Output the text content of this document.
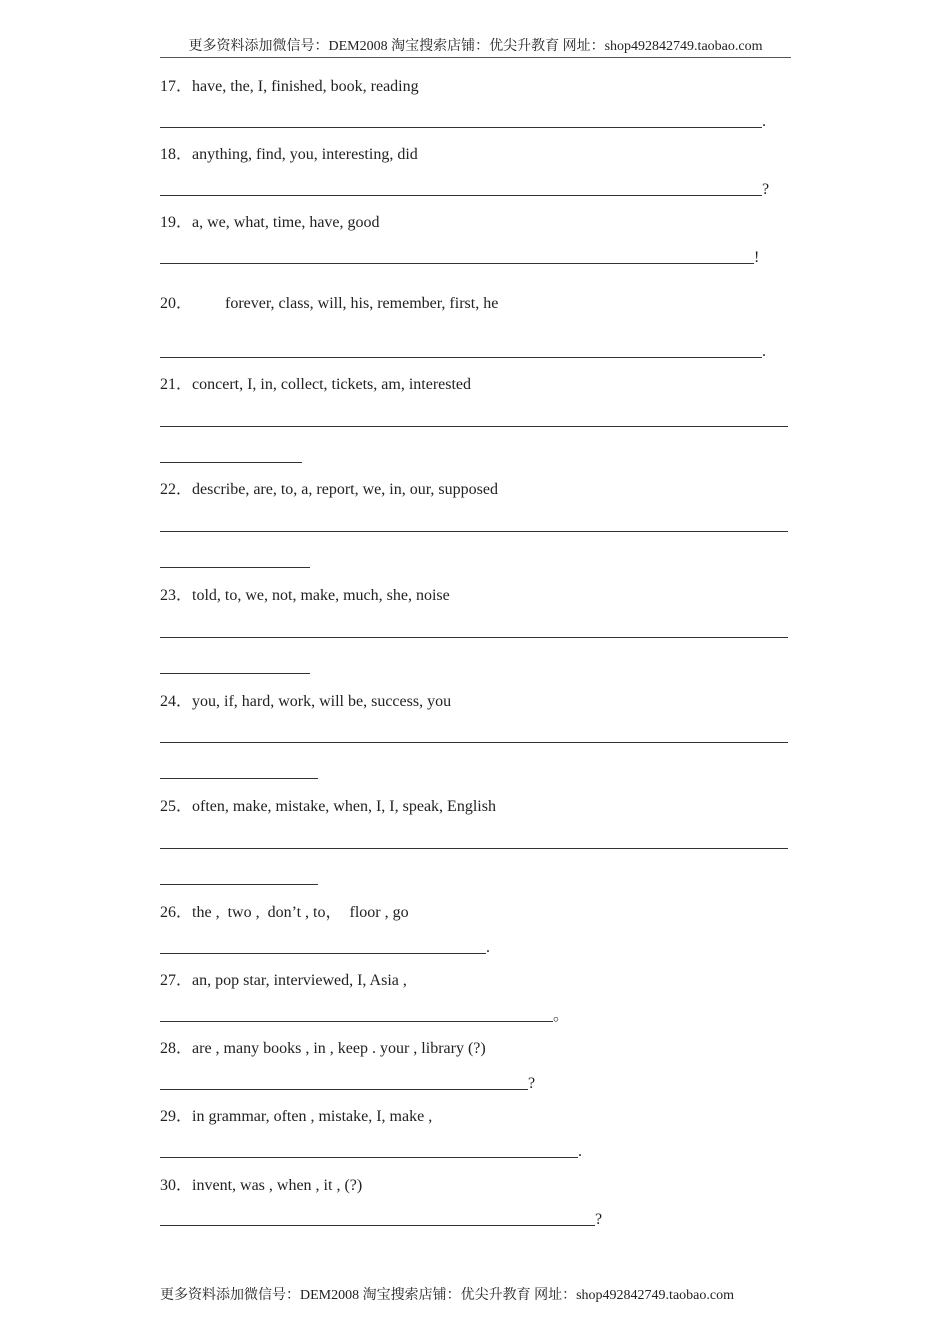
更多资料添加微信号：DEM2008 淘宝搜索店铺：优尖升教育 网址：shop492842749.taobao.com
17．have, the, I, finished, book, reading
.
18．anything, find, you, interesting, did
?
19．a, we, what, time, have, good
!
20． forever, class, will, his, remember, first, he
.
21．concert, I, in, collect, tickets, am, interested
22．describe, are, to, a, report, we, in, our, supposed
23．told, to, we, not, make, much, she, noise
24．you, if, hard, work, will be, success, you
25．often, make, mistake, when, I, I, speak, English
26．the ,  two ,  don’t , to，  floor , go
.
27．an, pop star, interviewed, I, Asia ,
。
28．are , many books , in , keep . your , library (?)
?
29．in grammar, often , mistake, I, make ,
.
30．invent, was , when , it , (?)
?
更多资料添加微信号：DEM2008 淘宝搜索店铺：优尖升教育 网址：shop492842749.taobao.com
